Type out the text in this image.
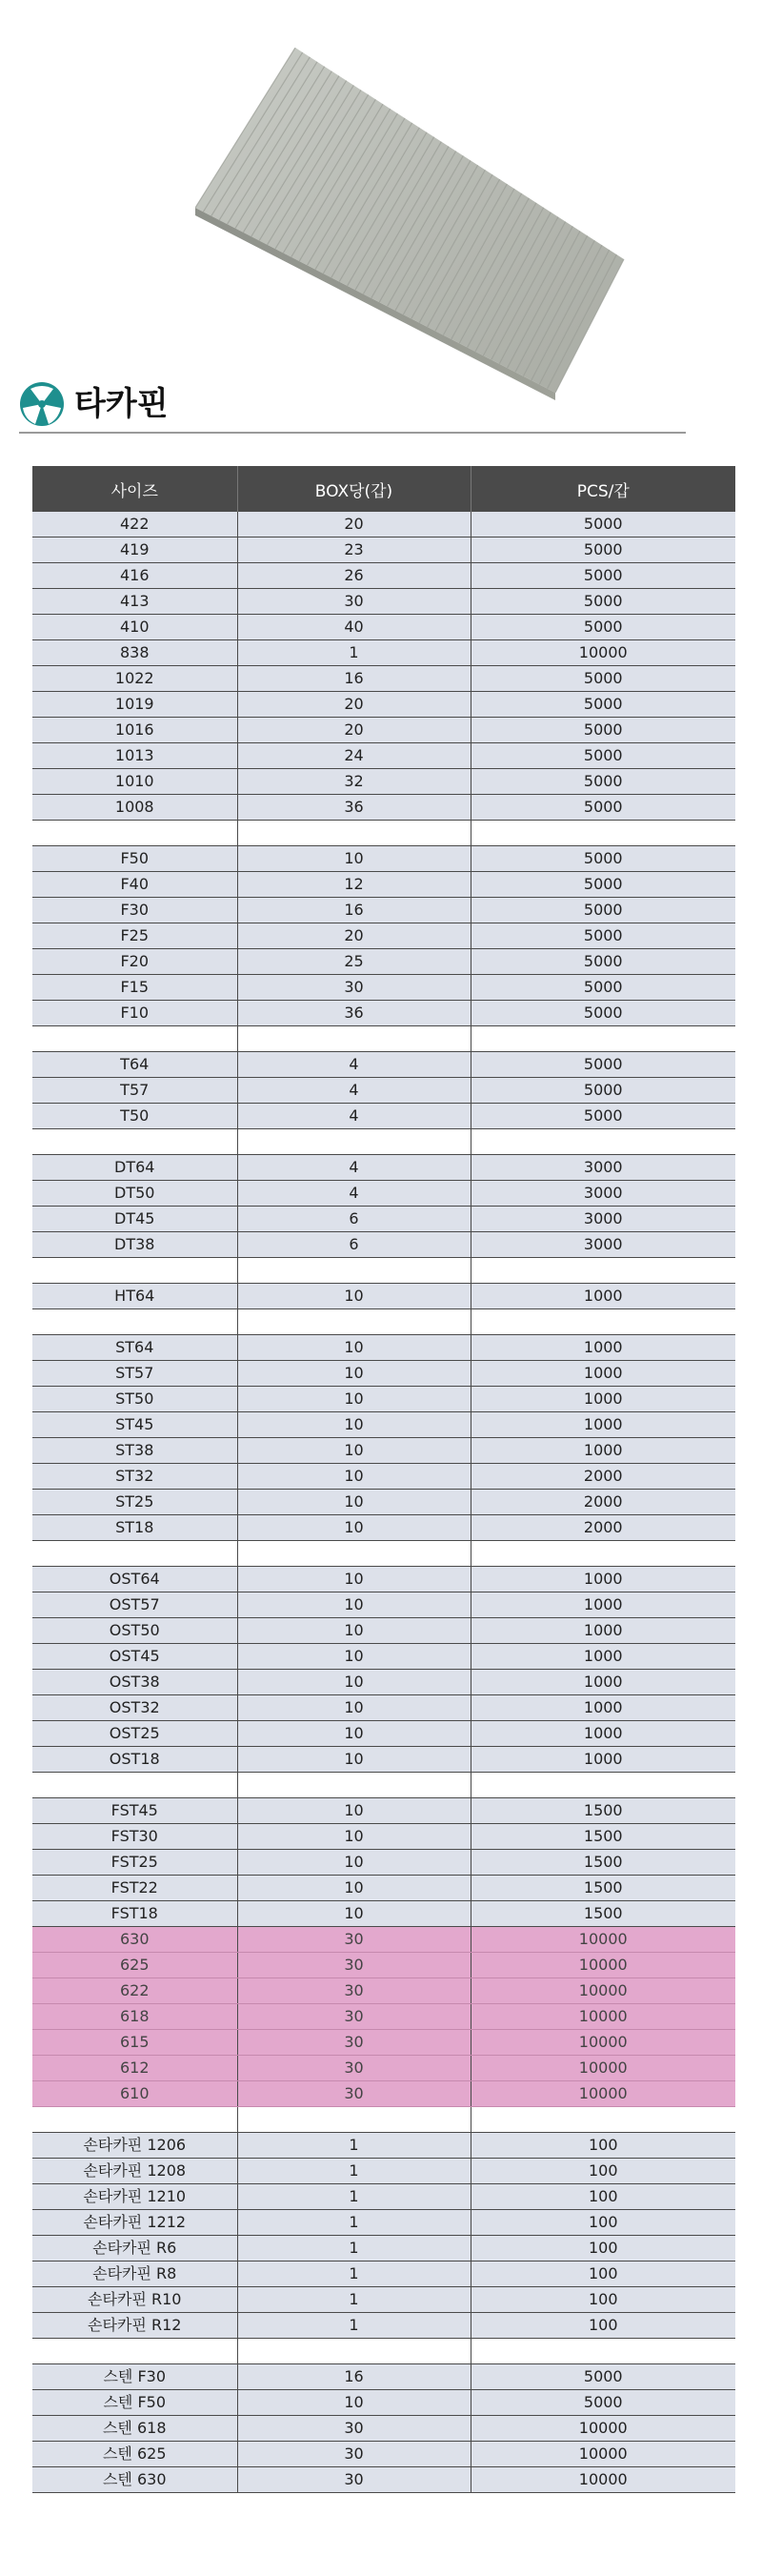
타카핀
사이즈	BOX당(갑)	PCS/갑
422	20	5000
419	23	5000
416	26	5000
413	30	5000
410	40	5000
838	1	10000
1022	16	5000
1019	20	5000
1016	20	5000
1013	24	5000
1010	32	5000
1008	36	5000

F50	10	5000
F40	12	5000
F30	16	5000
F25	20	5000
F20	25	5000
F15	30	5000
F10	36	5000

T64	4	5000
T57	4	5000
T50	4	5000

DT64	4	3000
DT50	4	3000
DT45	6	3000
DT38	6	3000

HT64	10	1000

ST64	10	1000
ST57	10	1000
ST50	10	1000
ST45	10	1000
ST38	10	1000
ST32	10	2000
ST25	10	2000
ST18	10	2000

OST64	10	1000
OST57	10	1000
OST50	10	1000
OST45	10	1000
OST38	10	1000
OST32	10	1000
OST25	10	1000
OST18	10	1000

FST45	10	1500
FST30	10	1500
FST25	10	1500
FST22	10	1500
FST18	10	1500
630	30	10000
625	30	10000
622	30	10000
618	30	10000
615	30	10000
612	30	10000
610	30	10000

손타카핀 1206	1	100
손타카핀 1208	1	100
손타카핀 1210	1	100
손타카핀 1212	1	100
손타카핀 R6	1	100
손타카핀 R8	1	100
손타카핀 R10	1	100
손타카핀 R12	1	100

스텐 F30	16	5000
스텐 F50	10	5000
스텐 618	30	10000
스텐 625	30	10000
스텐 630	30	10000
